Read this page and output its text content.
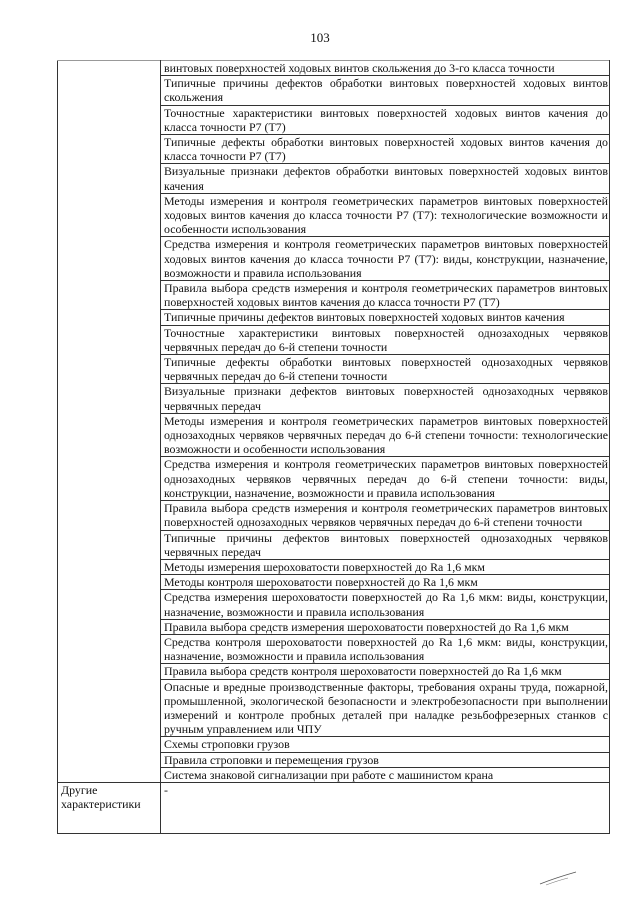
103
	винтовых поверхностей ходовых винтов скольжения до 3-го класса точности
	Типичные причины дефектов обработки винтовых поверхностей ходовых винтов скольжения
	Точностные характеристики винтовых поверхностей ходовых винтов качения до класса точности Р7 (Т7)
	Типичные дефекты обработки винтовых поверхностей ходовых винтов качения до класса точности Р7 (Т7)
	Визуальные признаки дефектов обработки винтовых поверхностей ходовых винтов качения
	Методы измерения и контроля геометрических параметров винтовых поверхностей ходовых винтов качения до класса точности Р7 (Т7): технологические возможности и особенности использования
	Средства измерения и контроля геометрических параметров винтовых поверхностей ходовых винтов качения до класса точности Р7 (Т7): виды, конструкции, назначение, возможности и правила использования
	Правила выбора средств измерения и контроля геометрических параметров винтовых поверхностей ходовых винтов качения до класса точности Р7 (Т7)
	Типичные причины дефектов винтовых поверхностей ходовых винтов качения
	Точностные характеристики винтовых поверхностей однозаходных червяков червячных передач до 6-й степени точности
	Типичные дефекты обработки винтовых поверхностей однозаходных червяков червячных передач до 6-й степени точности
	Визуальные признаки дефектов винтовых поверхностей однозаходных червяков червячных передач
	Методы измерения и контроля геометрических параметров винтовых поверхностей однозаходных червяков червячных передач до 6-й степени точности: технологические возможности и особенности использования
	Средства измерения и контроля геометрических параметров винтовых поверхностей однозаходных червяков червячных передач до 6-й степени точности: виды, конструкции, назначение, возможности и правила использования
	Правила выбора средств измерения и контроля геометрических параметров винтовых поверхностей однозаходных червяков червячных передач до 6-й степени точности
	Типичные причины дефектов винтовых поверхностей однозаходных червяков червячных передач
	Методы измерения шероховатости поверхностей до Ra 1,6 мкм
	Методы контроля шероховатости поверхностей до Ra 1,6 мкм
	Средства измерения шероховатости поверхностей до Ra 1,6 мкм: виды, конструкции, назначение, возможности и правила использования
	Правила выбора средств измерения шероховатости поверхностей до Ra 1,6 мкм
	Средства контроля шероховатости поверхностей до Ra 1,6 мкм: виды, конструкции, назначение, возможности и правила использования
	Правила выбора средств контроля шероховатости поверхностей до Ra 1,6 мкм
	Опасные и вредные производственные факторы, требования охраны труда, пожарной, промышленной, экологической безопасности и электробезопасности при выполнении измерений и контроле пробных деталей при наладке резьбофрезерных станков с ручным управлением или ЧПУ
	Схемы строповки грузов
	Правила строповки и перемещения грузов
	Система знаковой сигнализации при работе с машинистом крана
Другие характеристики	-
